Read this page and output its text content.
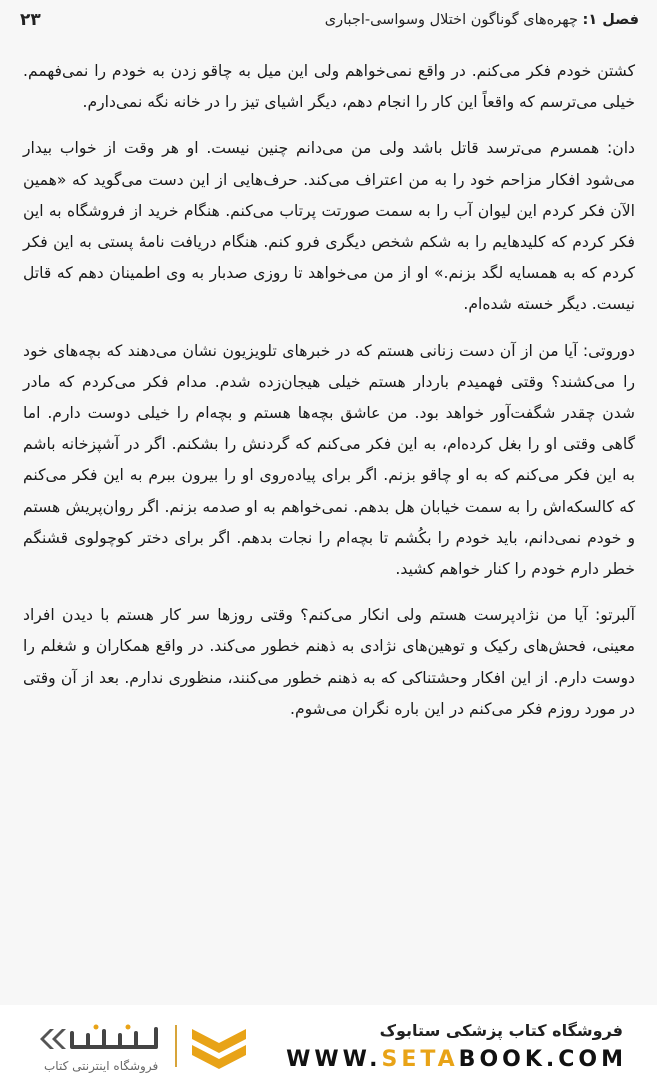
فصل ۱: چهره‌های گوناگون اختلال وسواسی-اجباری
۲۳

کشتن خودم فکر می‌کنم. در واقع نمی‌خواهم ولی این میل به چاقو زدن به خودم را نمی‌فهمم. خیلی می‌ترسم که واقعاً این کار را انجام دهم، دیگر اشیای تیز را در خانه نگه نمی‌دارم.

دان: همسرم می‌ترسد قاتل باشد ولی من می‌دانم چنین نیست. او هر وقت از خواب بیدار می‌شود افکار مزاحم خود را به من اعتراف می‌کند. حرف‌هایی از این دست می‌گوید که «همین الآن فکر کردم این لیوان آب را به سمت صورتت پرتاب می‌کنم. هنگام خرید از فروشگاه به این فکر کردم که کلیدهایم را به شکم شخص دیگری فرو کنم. هنگام دریافت نامهٔ پستی به این فکر کردم که به همسایه لگد بزنم.» او از من می‌خواهد تا روزی صدبار به وی اطمینان دهم که قاتل نیست. دیگر خسته شده‌ام.

دوروتی: آیا من از آن دست زنانی هستم که در خبرهای تلویزیون نشان می‌دهند که بچه‌های خود را می‌کشند؟ وقتی فهمیدم باردار هستم خیلی هیجان‌زده شدم. مدام فکر می‌کردم که مادر شدن چقدر شگفت‌آور خواهد بود. من عاشق بچه‌ها هستم و بچه‌ام را خیلی دوست دارم. اما گاهی وقتی او را بغل کرده‌ام، به این فکر می‌کنم که گردنش را بشکنم. اگر در آشپزخانه باشم به این فکر می‌کنم که به او چاقو بزنم. اگر برای پیاده‌روی او را بیرون ببرم به این فکر می‌کنم که کالسکه‌اش را به سمت خیابان هل بدهم. نمی‌خواهم به او صدمه بزنم. اگر روان‌پریش هستم و خودم نمی‌دانم، باید خودم را بکُشم تا بچه‌ام را نجات بدهم. اگر برای دختر کوچولوی قشنگم خطر دارم خودم را کنار خواهم کشید.

آلبرتو: آیا من نژادپرست هستم ولی انکار می‌کنم؟ وقتی روزها سر کار هستم با دیدن افراد معینی، فحش‌های رکیک و توهین‌های نژادی به ذهنم خطور می‌کند. در واقع همکاران و شغلم را دوست دارم. از این افکار وحشتناکی که به ذهنم خطور می‌کنند، منظوری ندارم. بعد از آن وقتی در مورد روزم فکر می‌کنم در این باره نگران می‌شوم.

فروشگاه اینترنتی کتاب
فروشگاه کتاب پزشکی ستابوک
WWW.SETABOOK.COM
